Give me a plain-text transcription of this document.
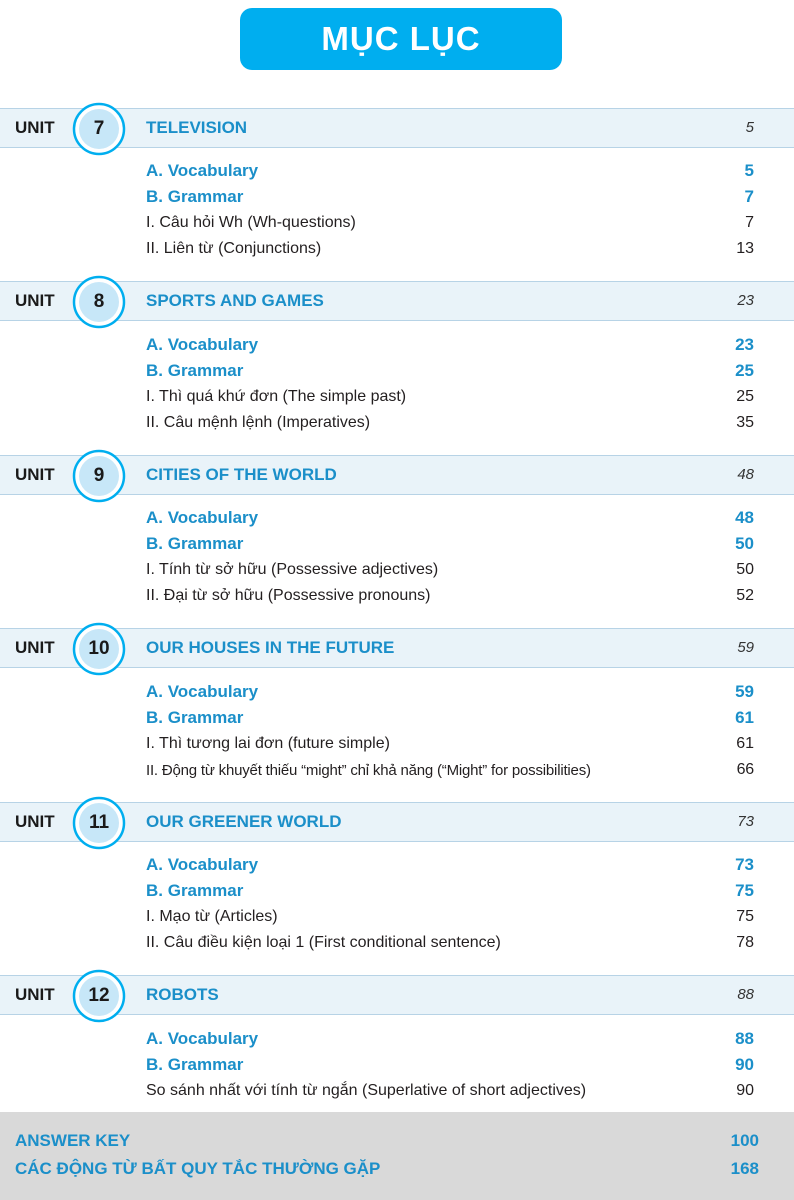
MỤC LỤC
UNIT	7	TELEVISION	5
A. Vocabulary	5
B. Grammar	7
I. Câu hỏi Wh (Wh-questions)	7
II. Liên từ (Conjunctions)	13
UNIT	8	SPORTS AND GAMES	23
A. Vocabulary	23
B. Grammar	25
I. Thì quá khứ đơn (The simple past)	25
II. Câu mệnh lệnh (Imperatives)	35
UNIT	9	CITIES OF THE WORLD	48
A. Vocabulary	48
B. Grammar	50
I. Tính từ sở hữu (Possessive adjectives)	50
II. Đại từ sở hữu (Possessive pronouns)	52
UNIT	10	OUR HOUSES IN THE FUTURE	59
A. Vocabulary	59
B. Grammar	61
I. Thì tương lai đơn (future simple)	61
II. Động từ khuyết thiếu “might” chỉ khả năng (“Might” for possibilities)	66
UNIT	11	OUR GREENER WORLD	73
A. Vocabulary	73
B. Grammar	75
I. Mạo từ (Articles)	75
II. Câu điều kiện loại 1 (First conditional sentence)	78
UNIT	12	ROBOTS	88
A. Vocabulary	88
B. Grammar	90
So sánh nhất với tính từ ngắn (Superlative of short adjectives)	90
ANSWER KEY	100
CÁC ĐỘNG TỪ BẤT QUY TẮC THƯỜNG GẶP	168
